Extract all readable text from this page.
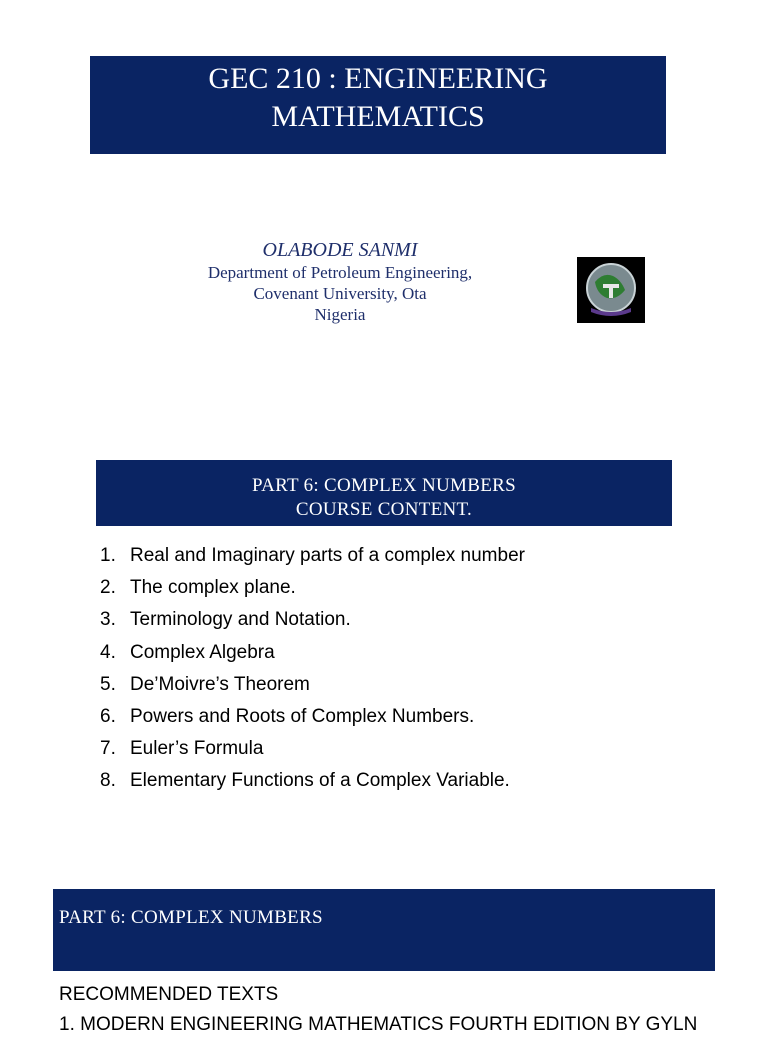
GEC 210 : ENGINEERING
MATHEMATICS
OLABODE SANMI
Department of Petroleum Engineering,
Covenant University, Ota
Nigeria
PART 6: COMPLEX NUMBERS
COURSE CONTENT.
1. Real and Imaginary parts of a complex number
2. The complex plane.
3. Terminology and Notation.
4. Complex Algebra
5. De’Moivre’s Theorem
6. Powers and Roots of Complex Numbers.
7. Euler’s Formula
8. Elementary Functions of a Complex Variable.
PART 6: COMPLEX NUMBERS
RECOMMENDED TEXTS
1. MODERN ENGINEERING MATHEMATICS FOURTH EDITION BY GYLN
